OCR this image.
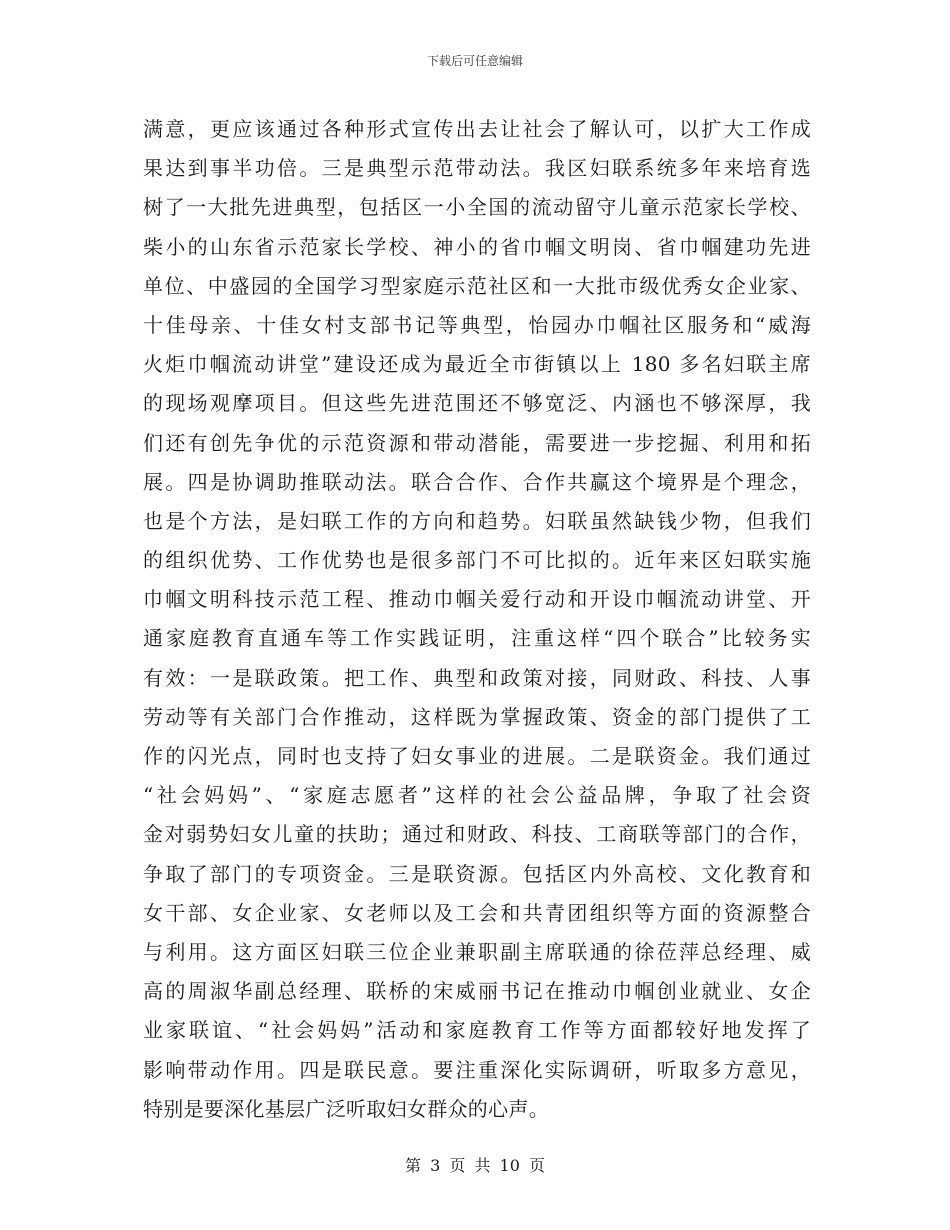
下载后可任意编辑
满意，更应该通过各种形式宣传出去让社会了解认可，以扩大工作成
果达到事半功倍。三是典型示范带动法。我区妇联系统多年来培育选
树了一大批先进典型，包括区一小全国的流动留守儿童示范家长学校、
柴小的山东省示范家长学校、神小的省巾帼文明岗、省巾帼建功先进
单位、中盛园的全国学习型家庭示范社区和一大批市级优秀女企业家、
十佳母亲、十佳女村支部书记等典型，怡园办巾帼社区服务和“威海
火炬巾帼流动讲堂”建设还成为最近全市街镇以上 180 多名妇联主席
的现场观摩项目。但这些先进范围还不够宽泛、内涵也不够深厚，我
们还有创先争优的示范资源和带动潜能，需要进一步挖掘、利用和拓
展。四是协调助推联动法。联合合作、合作共赢这个境界是个理念，
也是个方法，是妇联工作的方向和趋势。妇联虽然缺钱少物，但我们
的组织优势、工作优势也是很多部门不可比拟的。近年来区妇联实施
巾帼文明科技示范工程、推动巾帼关爱行动和开设巾帼流动讲堂、开
通家庭教育直通车等工作实践证明，注重这样“四个联合”比较务实
有效：一是联政策。把工作、典型和政策对接，同财政、科技、人事
劳动等有关部门合作推动，这样既为掌握政策、资金的部门提供了工
作的闪光点，同时也支持了妇女事业的进展。二是联资金。我们通过
“社会妈妈”、“家庭志愿者”这样的社会公益品牌，争取了社会资
金对弱势妇女儿童的扶助；通过和财政、科技、工商联等部门的合作，
争取了部门的专项资金。三是联资源。包括区内外高校、文化教育和
女干部、女企业家、女老师以及工会和共青团组织等方面的资源整合
与利用。这方面区妇联三位企业兼职副主席联通的徐莅萍总经理、威
高的周淑华副总经理、联桥的宋威丽书记在推动巾帼创业就业、女企
业家联谊、“社会妈妈”活动和家庭教育工作等方面都较好地发挥了
影响带动作用。四是联民意。要注重深化实际调研，听取多方意见，
特别是要深化基层广泛听取妇女群众的心声。
第 3 页 共 10 页
